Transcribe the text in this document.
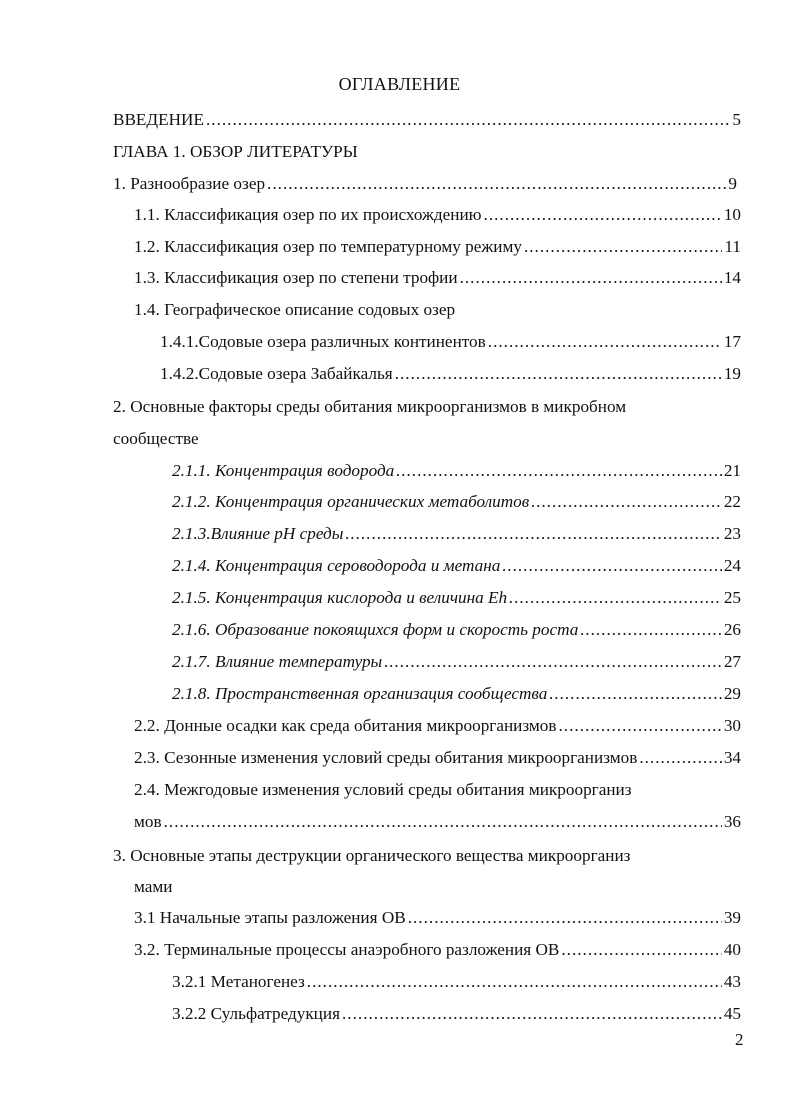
ОГЛАВЛЕНИЕ
ВВЕДЕНИЕ .....	5
ГЛАВА 1. ОБЗОР ЛИТЕРАТУРЫ
1. Разнообразие озер .....	9
1.1. Классификация озер по их происхождению .....	10
1.2. Классификация озер по температурному режиму .....	11
1.3. Классификация озер по степени трофии .....	14
1.4. Географическое описание содовых озер
1.4.1.Содовые озера различных континентов .....	17
1.4.2.Содовые озера Забайкалья .....	19
2. Основные факторы среды обитания микроорганизмов в микробном
сообществе
2.1.1. Концентрация водорода .....	21
2.1.2. Концентрация органических метаболитов .....	22
2.1.3.Влияние pH среды .....	23
2.1.4. Концентрация сероводорода и метана .....	24
2.1.5. Концентрация кислорода и величина Eh .....	25
2.1.6. Образование покоящихся форм и скорость роста .....	26
2.1.7. Влияние температуры .....	27
2.1.8. Пространственная организация сообщества .....	29
2.2. Донные осадки как среда обитания микроорганизмов .....	30
2.3. Сезонные изменения условий среды обитания микроорганизмов .....	34
2.4. Межгодовые изменения условий среды обитания микроорганиз
мов .....	36
3. Основные этапы деструкции органического вещества микроорганиз
мами
3.1 Начальные этапы разложения ОВ .....	39
3.2. Терминальные процессы анаэробного разложения ОВ .....	40
3.2.1 Метаногенез .....	43
3.2.2 Сульфатредукция .....	45
2
